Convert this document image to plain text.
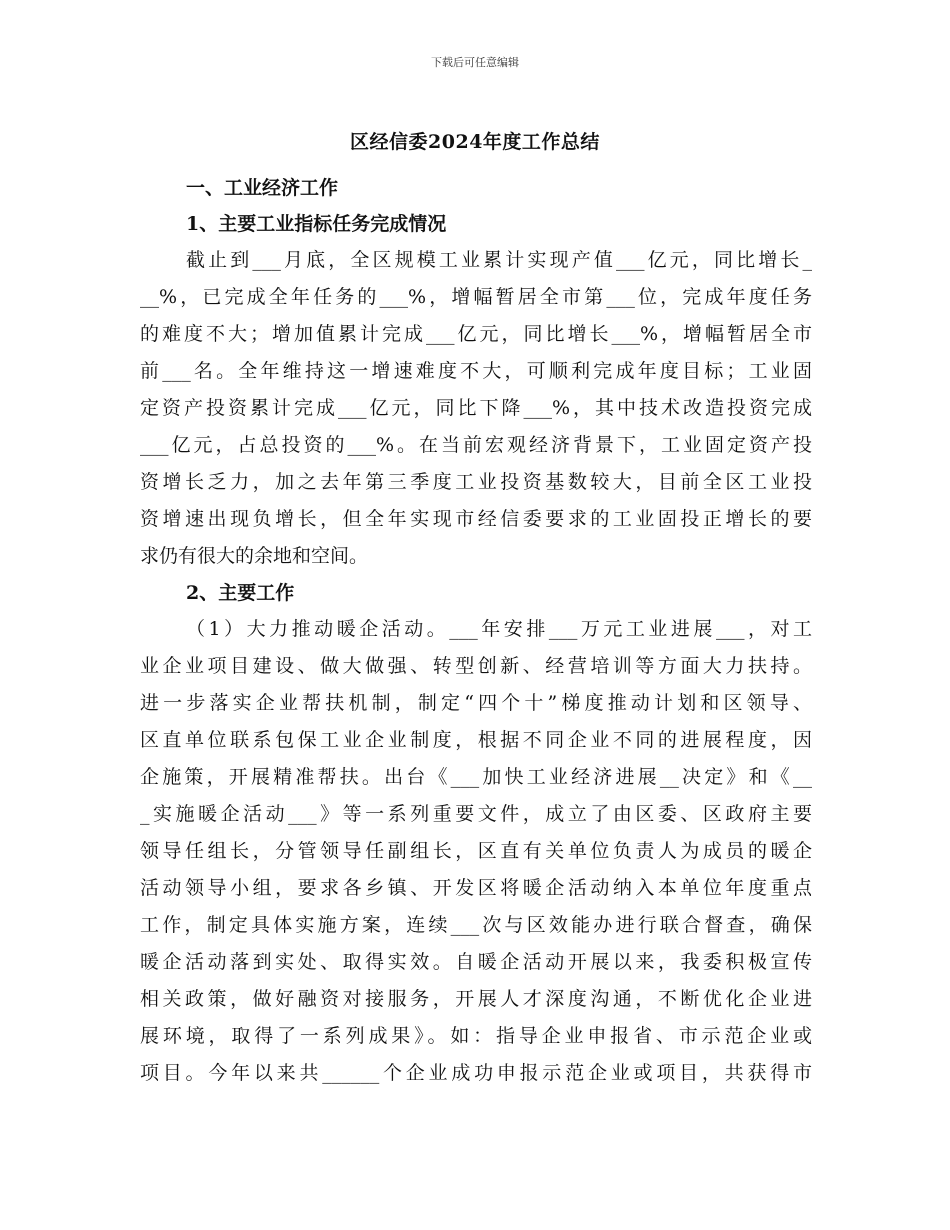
下载后可任意编辑
区经信委2024年度工作总结
一、工业经济工作
1、主要工业指标任务完成情况
截止到___月底，全区规模工业累计实现产值___亿元，同比增长_
__%，已完成全年任务的___%，增幅暂居全市第___位，完成年度任务
的难度不大；增加值累计完成___亿元，同比增长___%，增幅暂居全市
前___名。全年维持这一增速难度不大，可顺利完成年度目标；工业固
定资产投资累计完成___亿元，同比下降___%，其中技术改造投资完成
___亿元，占总投资的___%。在当前宏观经济背景下，工业固定资产投
资增长乏力，加之去年第三季度工业投资基数较大，目前全区工业投
资增速出现负增长，但全年实现市经信委要求的工业固投正增长的要
求仍有很大的余地和空间。
2、主要工作
（1）大力推动暖企活动。___年安排___万元工业进展___，对工
业企业项目建设、做大做强、转型创新、经营培训等方面大力扶持。
进一步落实企业帮扶机制，制定“四个十”梯度推动计划和区领导、
区直单位联系包保工业企业制度，根据不同企业不同的进展程度，因
企施策，开展精准帮扶。出台《___加快工业经济进展__决定》和《__
_实施暖企活动___》等一系列重要文件，成立了由区委、区政府主要
领导任组长，分管领导任副组长，区直有关单位负责人为成员的暖企
活动领导小组，要求各乡镇、开发区将暖企活动纳入本单位年度重点
工作，制定具体实施方案，连续___次与区效能办进行联合督查，确保
暖企活动落到实处、取得实效。自暖企活动开展以来，我委积极宣传
相关政策，做好融资对接服务，开展人才深度沟通，不断优化企业进
展环境，取得了一系列成果》。如：指导企业申报省、市示范企业或
项目。今年以来共______个企业成功申报示范企业或项目，共获得市
